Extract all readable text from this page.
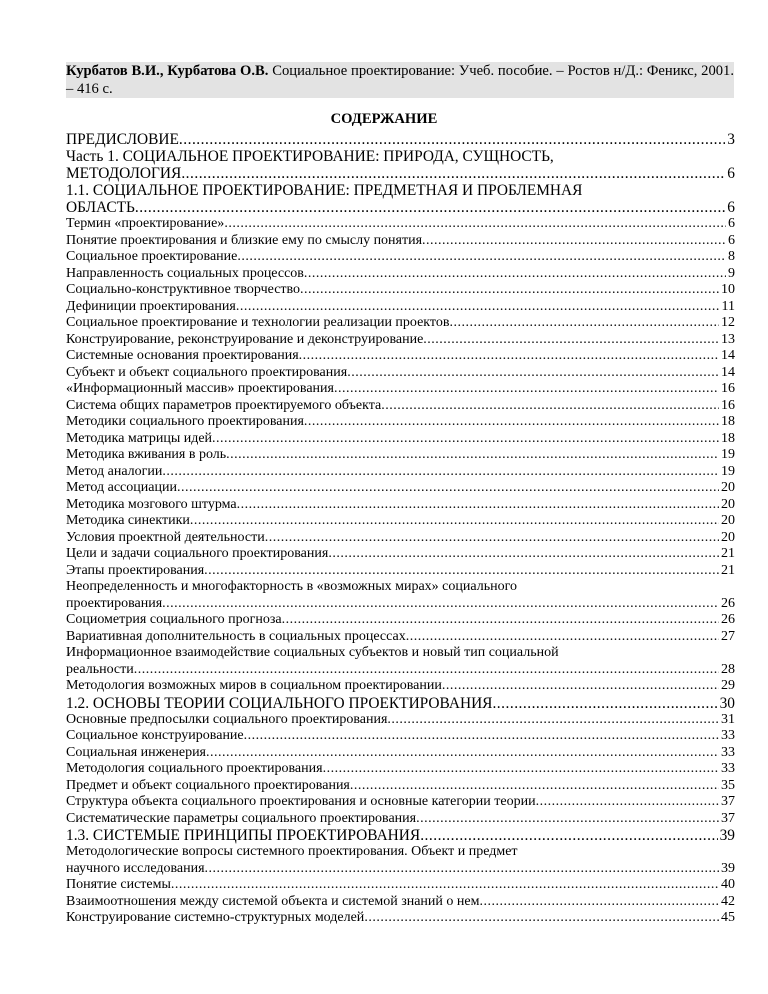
Курбатов В.И., Курбатова О.В. Социальное проектирование: Учеб. пособие. – Ростов н/Д.: Феникс, 2001. – 416 с.
СОДЕРЖАНИЕ
ПРЕДИСЛОВИЕ .....	3
Часть 1. СОЦИАЛЬНОЕ ПРОЕКТИРОВАНИЕ: ПРИРОДА, СУЩНОСТЬ,
МЕТОДОЛОГИЯ .....	6
1.1. СОЦИАЛЬНОЕ ПРОЕКТИРОВАНИЕ: ПРЕДМЕТНАЯ И ПРОБЛЕМНАЯ
ОБЛАСТЬ .....	6
Термин «проектирование» .....	6
Понятие проектирования и близкие ему по смыслу понятия .....	6
Социальное проектирование .....	8
Направленность социальных процессов .....	9
Социально-конструктивное творчество .....	10
Дефиниции проектирования .....	11
Социальное проектирование и технологии реализации проектов .....	12
Конструирование, реконструирование и деконструирование .....	13
Системные основания проектирования .....	14
Субъект и объект социального проектирования .....	14
«Информационный массив» проектирования .....	16
Система общих параметров проектируемого объекта .....	16
Методики социального проектирования .....	18
Методика матрицы идей .....	18
Методика вживания в роль .....	19
Метод аналогии .....	19
Метод ассоциации .....	20
Методика мозгового штурма .....	20
Методика синектики .....	20
Условия проектной деятельности .....	20
Цели и задачи социального проектирования .....	21
Этапы проектирования .....	21
Неопределенность и многофакторность в «возможных мирах» социального
проектирования .....	26
Социометрия социального прогноза .....	26
Вариативная дополнительность в социальных процессах .....	27
Информационное взаимодействие социальных субъектов и новый тип социальной
реальности .....	28
Методология возможных миров в социальном проектировании .....	29
1.2. ОСНОВЫ ТЕОРИИ СОЦИАЛЬНОГО ПРОЕКТИРОВАНИЯ .....	30
Основные предпосылки социального проектирования .....	31
Социальное конструирование .....	33
Социальная инженерия .....	33
Методология социального проектирования .....	33
Предмет и объект социального проектирования .....	35
Структура объекта социального проектирования и основные категории теории .....	37
Систематические параметры социального проектирования .....	37
1.3. СИСТЕМЫЕ ПРИНЦИПЫ ПРОЕКТИРОВАНИЯ .....	39
Методологические вопросы системного проектирования. Объект и предмет
научного исследования .....	39
Понятие системы .....	40
Взаимоотношения между системой объекта и системой знаний о нем .....	42
Конструирование системно-структурных моделей .....	45
